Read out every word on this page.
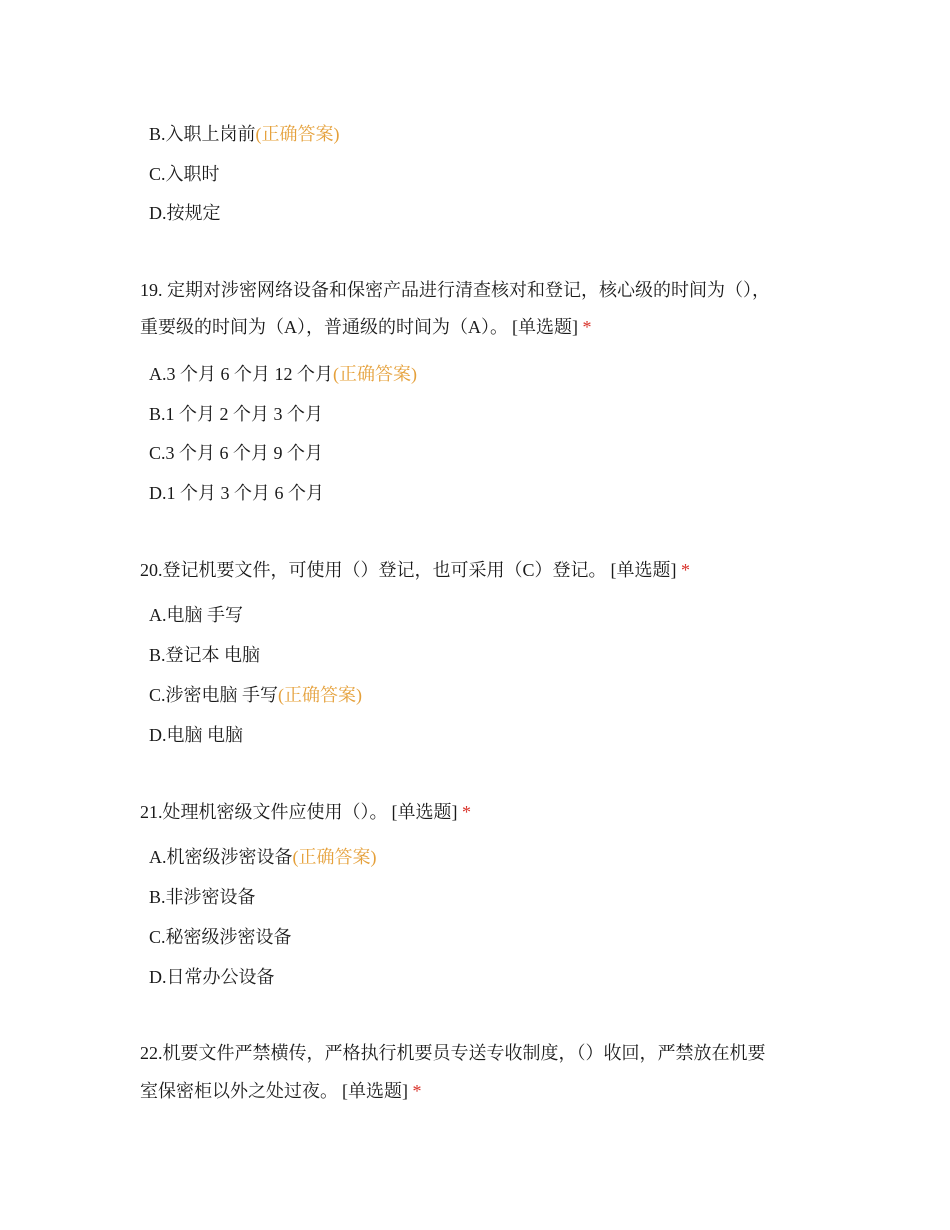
B.入职上岗前(正确答案)
C.入职时
D.按规定
19. 定期对涉密网络设备和保密产品进行清查核对和登记，核心级的时间为（），
重要级的时间为（A），普通级的时间为（A）。 [单选题] *
A.3 个月 6 个月 12 个月(正确答案)
B.1 个月 2 个月 3 个月
C.3 个月 6 个月 9 个月
D.1 个月 3 个月 6 个月
20.登记机要文件，可使用（）登记，也可采用（C）登记。 [单选题] *
A.电脑 手写
B.登记本 电脑
C.涉密电脑 手写(正确答案)
D.电脑 电脑
21.处理机密级文件应使用（）。 [单选题] *
A.机密级涉密设备(正确答案)
B.非涉密设备
C.秘密级涉密设备
D.日常办公设备
22.机要文件严禁横传，严格执行机要员专送专收制度，（）收回，严禁放在机要
室保密柜以外之处过夜。 [单选题] *
